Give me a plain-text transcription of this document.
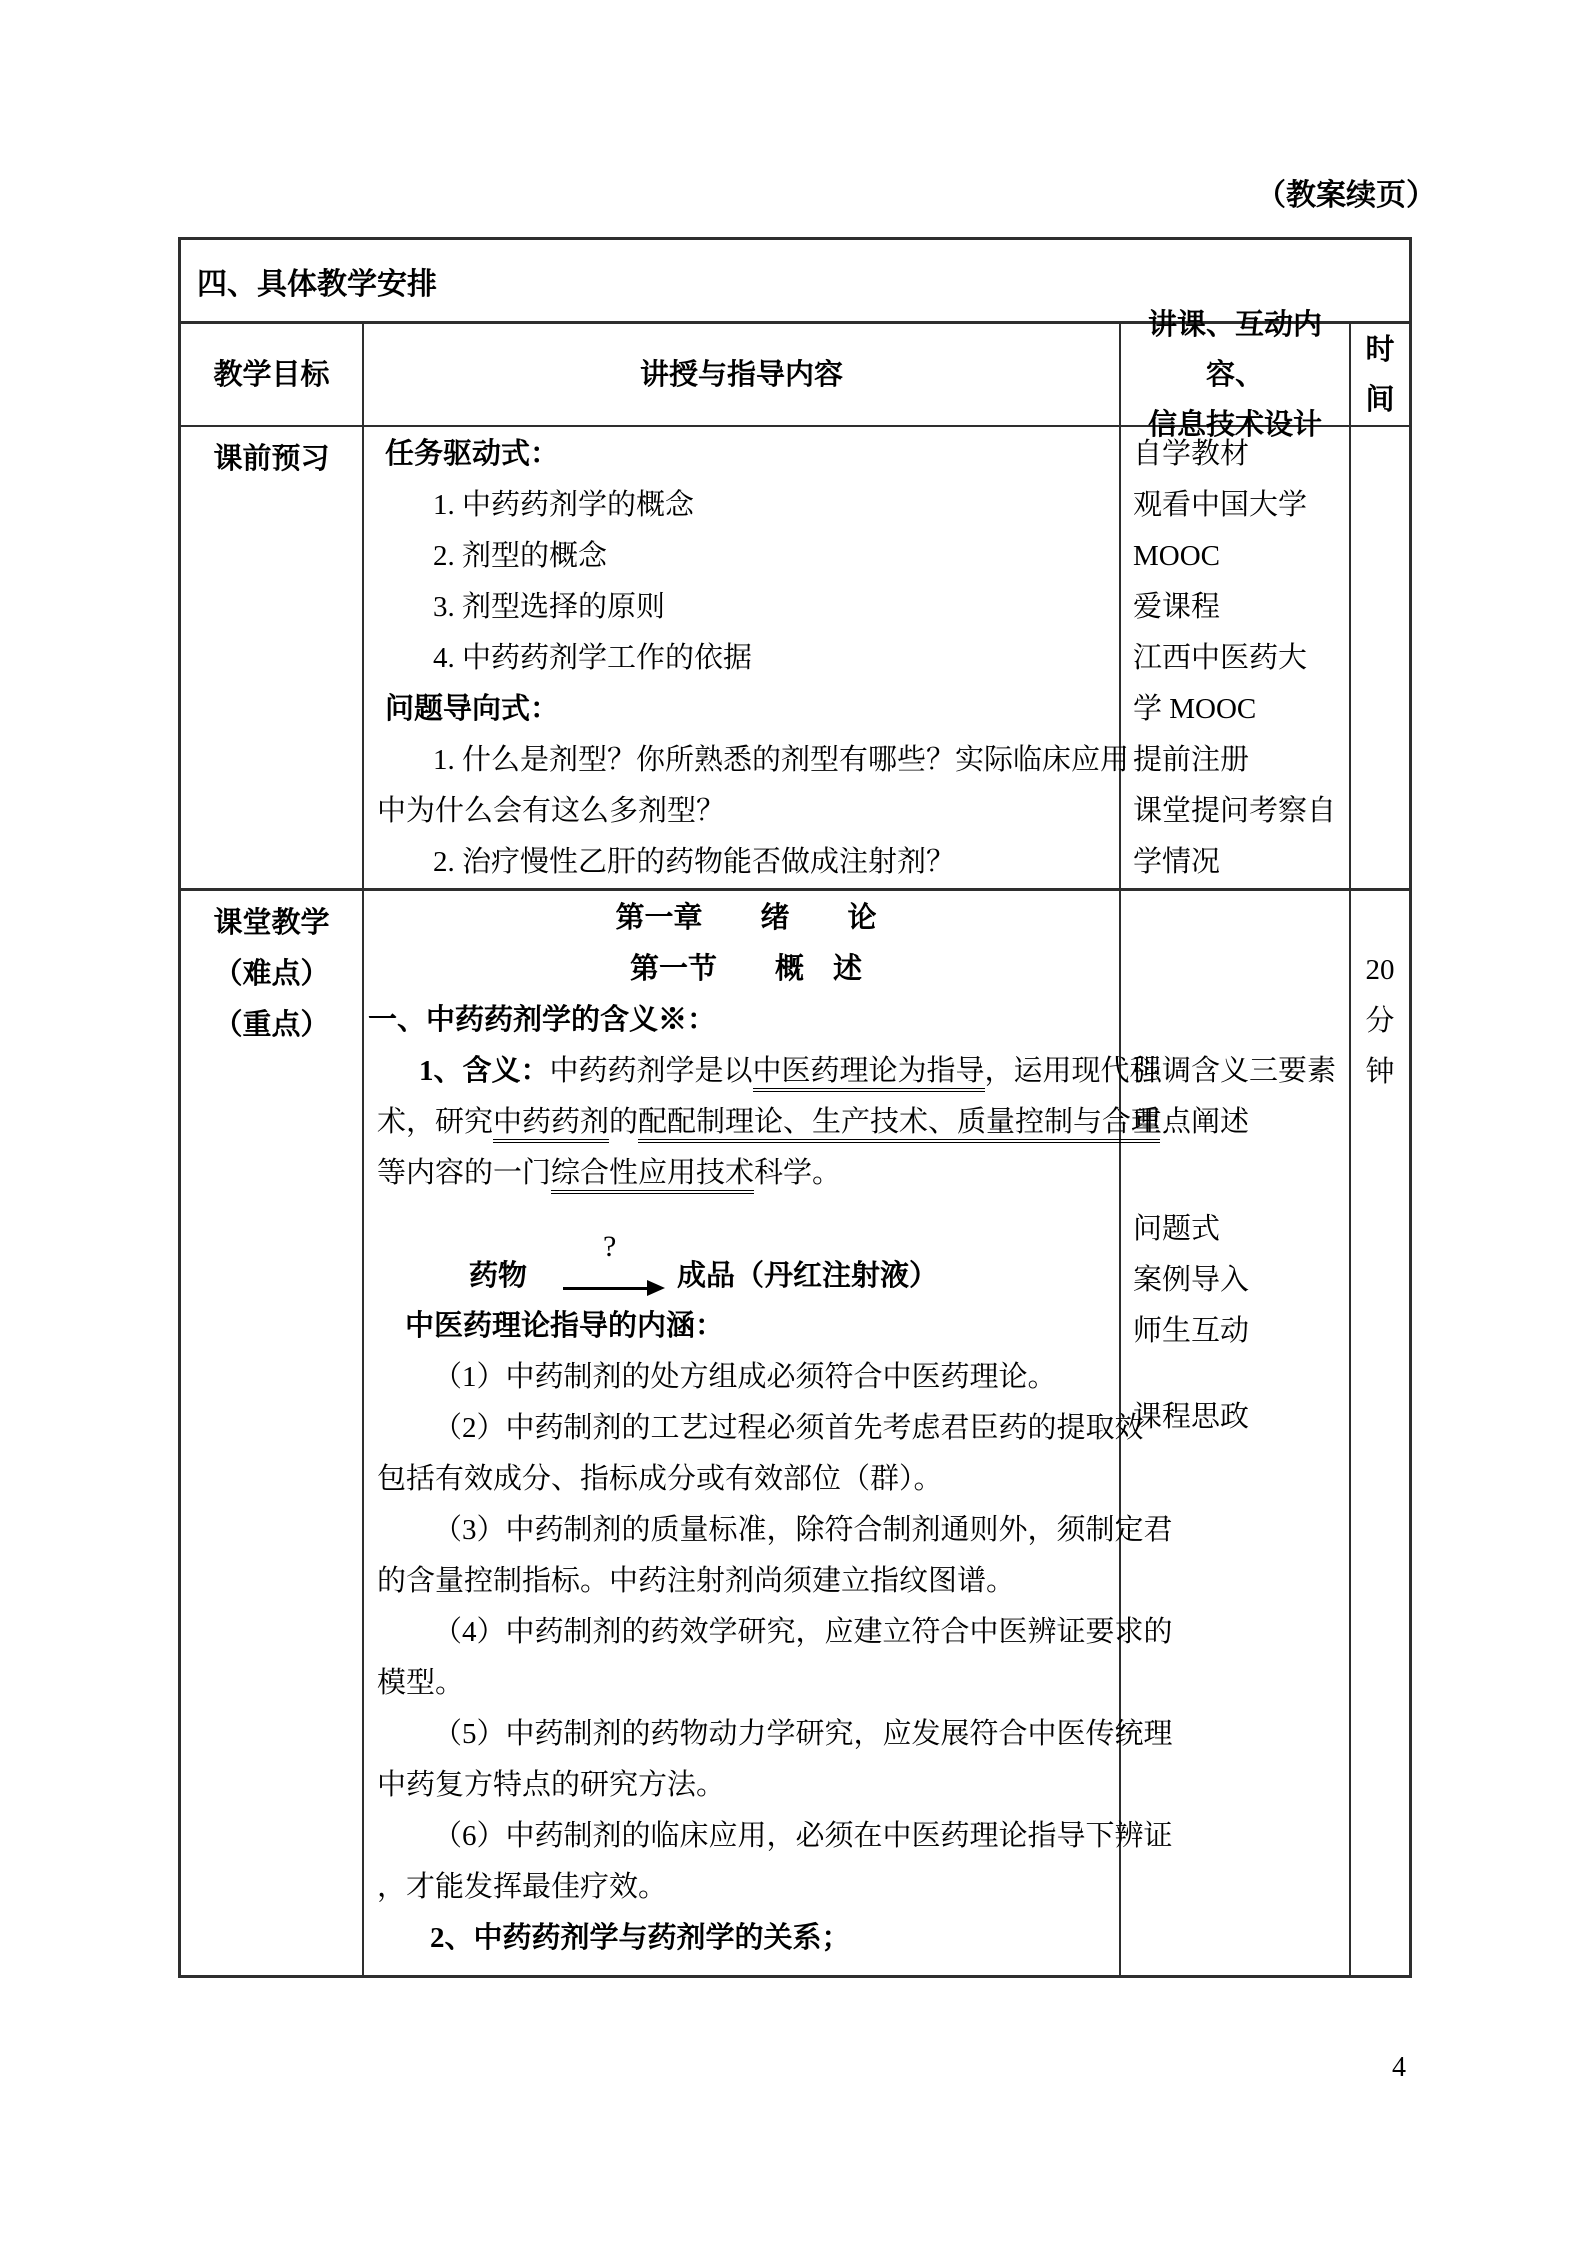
（教案续页）
四、具体教学安排
教学目标	讲授与指导内容
讲课、互动内容、
信息技术设计
时
间
课前预习	任务驱动式：
1. 中药药剂学的概念
2. 剂型的概念
3. 剂型选择的原则
4. 中药药剂学工作的依据
问题导向式：
1. 什么是剂型？你所熟悉的剂型有哪些？实际临床应用
中为什么会有这么多剂型？
2. 治疗慢性乙肝的药物能否做成注射剂？
自学教材
观看中国大学
MOOC
爱课程
江西中医药大
学 MOOC
提前注册
课堂提问考察自
学情况
课堂教学
（难点）
（重点）
第一章　　绪　　论
第一节　　概　述
一、中药药剂学的含义※：
1、含义：中药药剂学是以中医药理论为指导，运用现代科
术，研究中药药剂的配配制理论、生产技术、质量控制与合理
等内容的一门综合性应用技术科学。
药物
?
成品（丹红注射液）
中医药理论指导的内涵：
（1）中药制剂的处方组成必须符合中医药理论。
（2）中药制剂的工艺过程必须首先考虑君臣药的提取效
包括有效成分、指标成分或有效部位（群）。
（3）中药制剂的质量标准，除符合制剂通则外，须制定君
的含量控制指标。中药注射剂尚须建立指纹图谱。
（4）中药制剂的药效学研究，应建立符合中医辨证要求的
模型。
（5）中药制剂的药物动力学研究，应发展符合中医传统理
中药复方特点的研究方法。
（6）中药制剂的临床应用，必须在中医药理论指导下辨证
，才能发挥最佳疗效。
2、中药药剂学与药剂学的关系；
强调含义三要素
重点阐述
问题式
案例导入
师生互动
课程思政
20
分
钟
4
